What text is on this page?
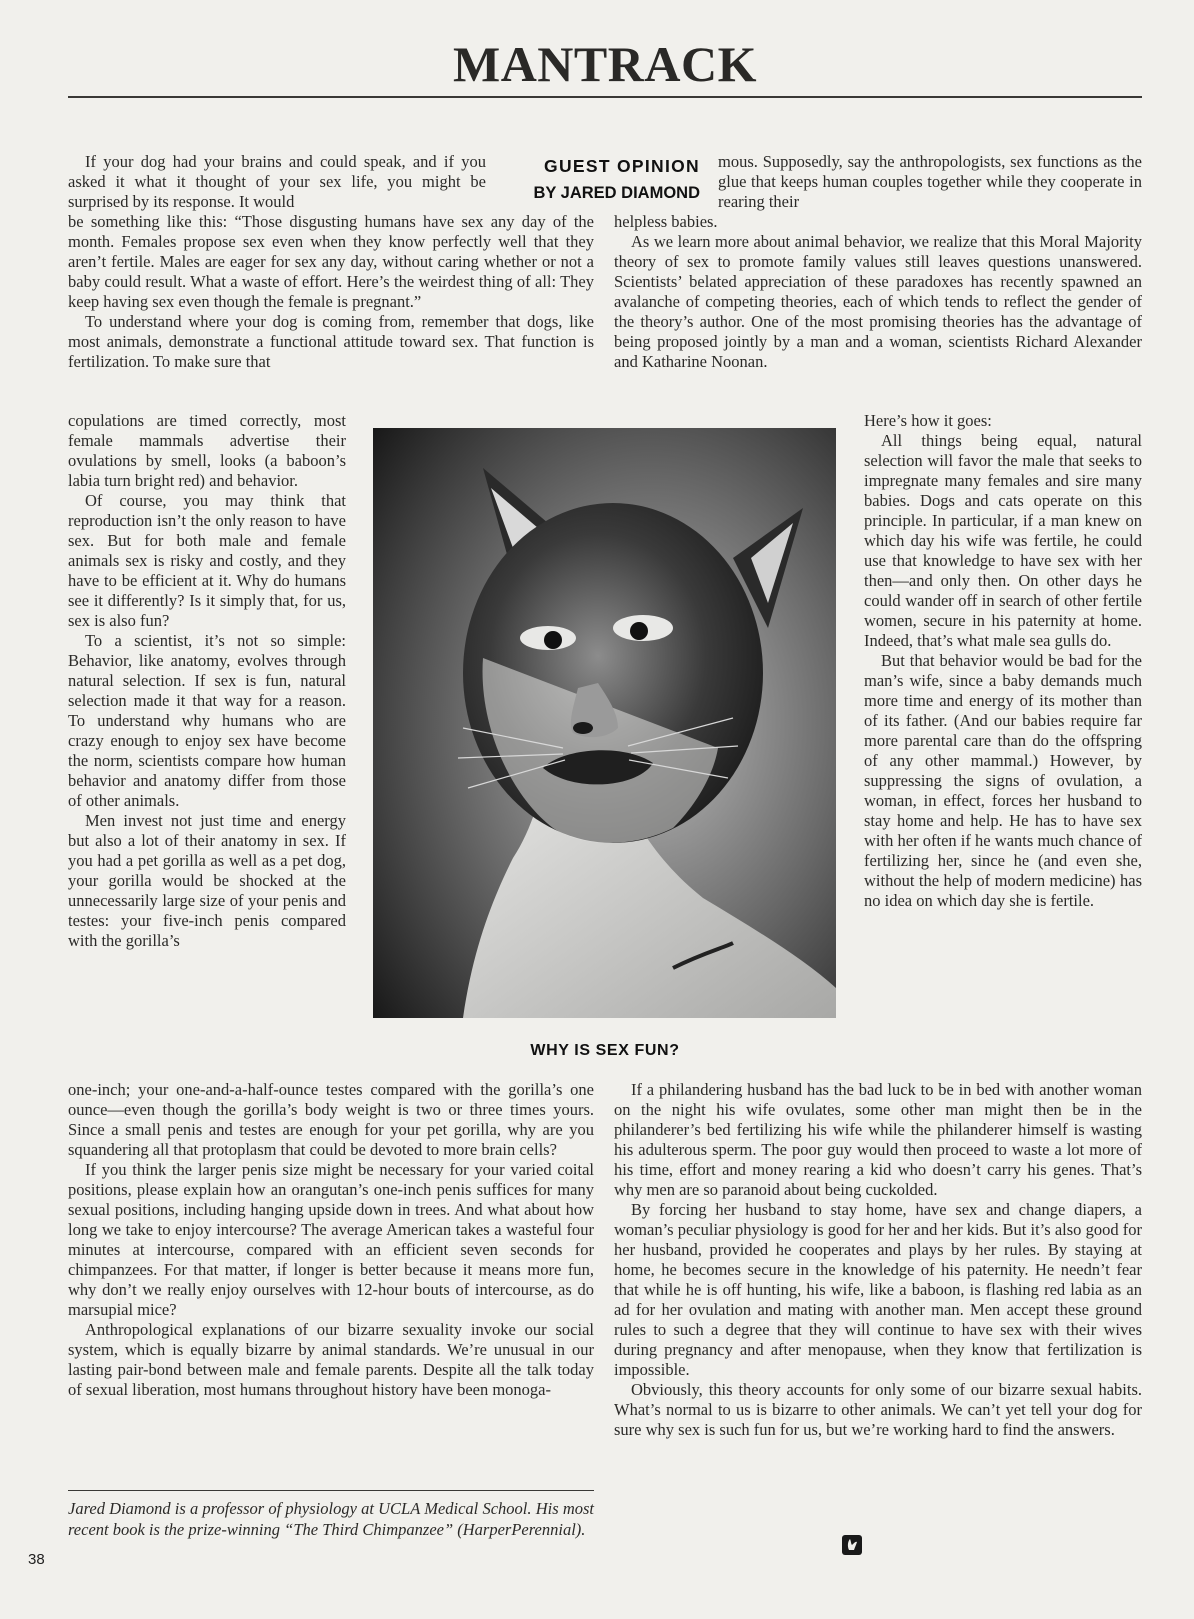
MANTRACK

If your dog had your brains and could speak, and if you asked it what it thought of your sex life, you might be surprised by its response. It would

GUEST OPINION
BY JARED DIAMOND

mous. Supposedly, say the anthropologists, sex functions as the glue that keeps human couples together while they cooperate in rearing their

be something like this: “Those disgusting humans have sex any day of the month. Females propose sex even when they know perfectly well that they aren’t fertile. Males are eager for sex any day, without caring whether or not a baby could result. What a waste of effort. Here’s the weirdest thing of all: They keep having sex even though the female is pregnant.”

To understand where your dog is coming from, remember that dogs, like most animals, demonstrate a functional attitude toward sex. That function is fertilization. To make sure that

helpless babies.

As we learn more about animal behavior, we realize that this Moral Majority theory of sex to promote family values still leaves questions unanswered. Scientists’ belated appreciation of these paradoxes has recently spawned an avalanche of competing theories, each of which tends to reflect the gender of the theory’s author. One of the most promising theories has the advantage of being proposed jointly by a man and a woman, scientists Richard Alexander and Katharine Noonan.

copulations are timed correctly, most female mammals advertise their ovulations by smell, looks (a baboon’s labia turn bright red) and behavior.

Of course, you may think that reproduction isn’t the only reason to have sex. But for both male and female animals sex is risky and costly, and they have to be efficient at it. Why do humans see it differently? Is it simply that, for us, sex is also fun?

To a scientist, it’s not so simple: Behavior, like anatomy, evolves through natural selection. If sex is fun, natural selection made it that way for a reason. To understand why humans who are crazy enough to enjoy sex have become the norm, scientists compare how human behavior and anatomy differ from those of other animals.

Men invest not just time and energy but also a lot of their anatomy in sex. If you had a pet gorilla as well as a pet dog, your gorilla would be shocked at the unnecessarily large size of your penis and testes: your five-inch penis compared with the gorilla’s

WHY IS SEX FUN?

Here’s how it goes:

All things being equal, natural selection will favor the male that seeks to impregnate many females and sire many babies. Dogs and cats operate on this principle. In particular, if a man knew on which day his wife was fertile, he could use that knowledge to have sex with her then—and only then. On other days he could wander off in search of other fertile women, secure in his paternity at home. Indeed, that’s what male sea gulls do.

But that behavior would be bad for the man’s wife, since a baby demands much more time and energy of its mother than of its father. (And our babies require far more parental care than do the offspring of any other mammal.) However, by suppressing the signs of ovulation, a woman, in effect, forces her husband to stay home and help. He has to have sex with her often if he wants much chance of fertilizing her, since he (and even she, without the help of modern medicine) has no idea on which day she is fertile.

one-inch; your one-and-a-half-ounce testes compared with the gorilla’s one ounce—even though the gorilla’s body weight is two or three times yours. Since a small penis and testes are enough for your pet gorilla, why are you squandering all that protoplasm that could be devoted to more brain cells?

If you think the larger penis size might be necessary for your varied coital positions, please explain how an orangutan’s one-inch penis suffices for many sexual positions, including hanging upside down in trees. And what about how long we take to enjoy intercourse? The average American takes a wasteful four minutes at intercourse, compared with an efficient seven seconds for chimpanzees. For that matter, if longer is better because it means more fun, why don’t we really enjoy ourselves with 12-hour bouts of intercourse, as do marsupial mice?

Anthropological explanations of our bizarre sexuality invoke our social system, which is equally bizarre by animal standards. We’re unusual in our lasting pair-bond between male and female parents. Despite all the talk today of sexual liberation, most humans throughout history have been monoga-

If a philandering husband has the bad luck to be in bed with another woman on the night his wife ovulates, some other man might then be in the philanderer’s bed fertilizing his wife while the philanderer himself is wasting his adulterous sperm. The poor guy would then proceed to waste a lot more of his time, effort and money rearing a kid who doesn’t carry his genes. That’s why men are so paranoid about being cuckolded.

By forcing her husband to stay home, have sex and change diapers, a woman’s peculiar physiology is good for her and her kids. But it’s also good for her husband, provided he cooperates and plays by her rules. By staying at home, he becomes secure in the knowledge of his paternity. He needn’t fear that while he is off hunting, his wife, like a baboon, is flashing red labia as an ad for her ovulation and mating with another man. Men accept these ground rules to such a degree that they will continue to have sex with their wives during pregnancy and after menopause, when they know that fertilization is impossible.

Obviously, this theory accounts for only some of our bizarre sexual habits. What’s normal to us is bizarre to other animals. We can’t yet tell your dog for sure why sex is such fun for us, but we’re working hard to find the answers.

Jared Diamond is a professor of physiology at UCLA Medical School. His most recent book is the prize-winning “The Third Chimpanzee” (HarperPerennial).
38
